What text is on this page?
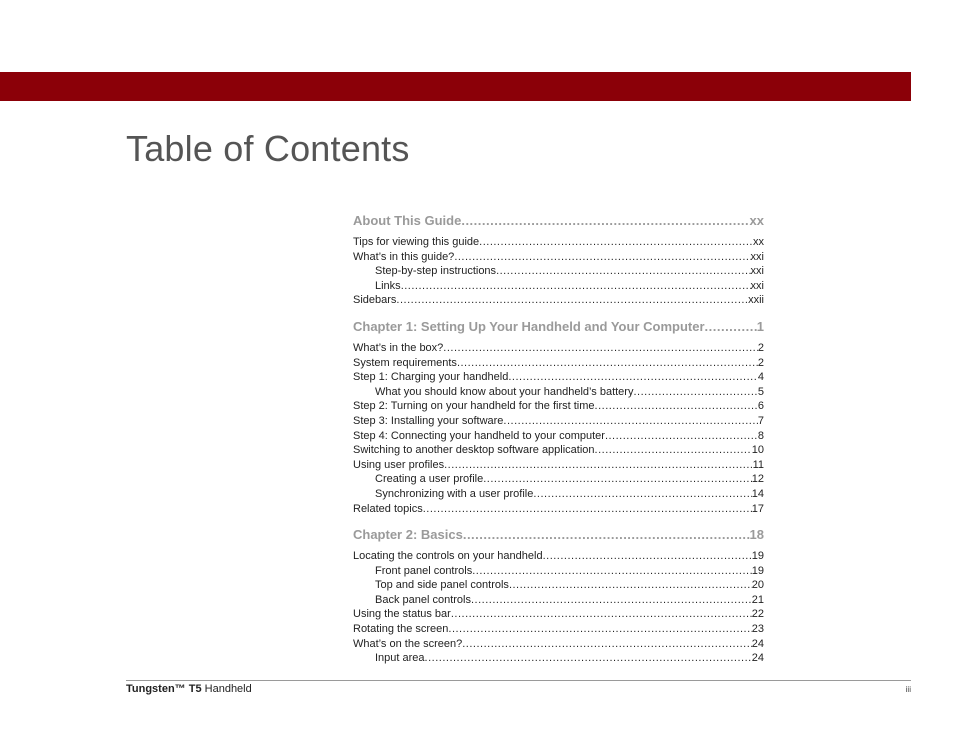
Table of Contents
About This Guide .....	xx
Tips for viewing this guide .....	xx
What’s in this guide? .....	xxi
Step-by-step instructions .....	xxi
Links .....	xxi
Sidebars .....	xxii
Chapter 1: Setting Up Your Handheld and Your Computer .....	1
What’s in the box? .....	2
System requirements .....	2
Step 1: Charging your handheld .....	4
What you should know about your handheld’s battery .....	5
Step 2: Turning on your handheld for the first time .....	6
Step 3: Installing your software .....	7
Step 4: Connecting your handheld to your computer .....	8
Switching to another desktop software application .....	10
Using user profiles .....	11
Creating a user profile .....	12
Synchronizing with a user profile .....	14
Related topics .....	17
Chapter 2: Basics .....	18
Locating the controls on your handheld .....	19
Front panel controls .....	19
Top and side panel controls .....	20
Back panel controls .....	21
Using the status bar .....	22
Rotating the screen .....	23
What’s on the screen? .....	24
Input area .....	24
Tungsten™ T5 Handheld	iii
